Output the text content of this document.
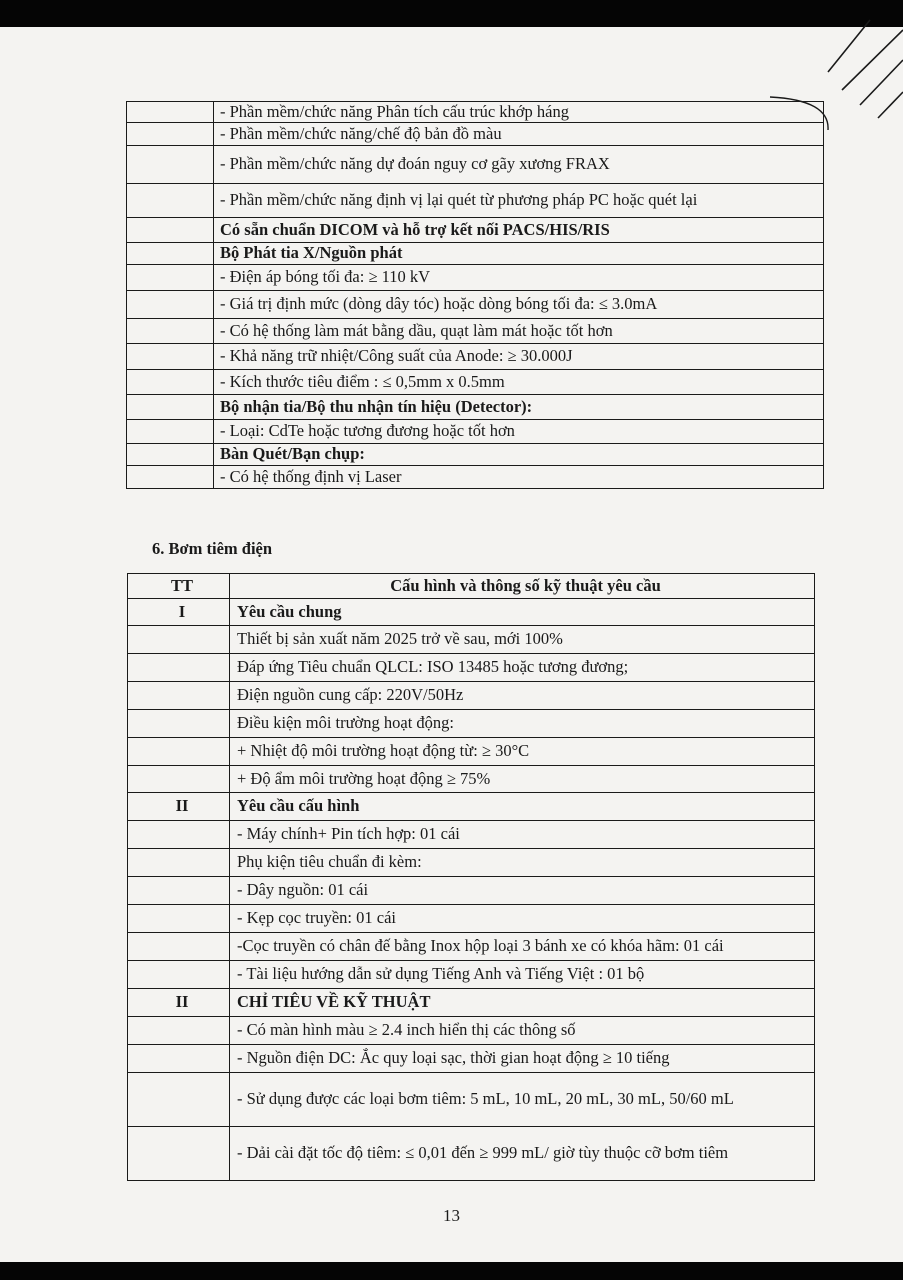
	- Phần mềm/chức năng Phân tích cấu trúc khớp háng
	- Phần mềm/chức năng/chế độ bản đồ màu
	- Phần mềm/chức năng dự đoán nguy cơ gãy xương FRAX
	- Phần mềm/chức năng định vị lại quét từ phương pháp PC hoặc quét lại
	Có sẵn chuẩn DICOM và hỗ trợ kết nối PACS/HIS/RIS
	Bộ Phát tia X/Nguồn phát
	- Điện áp bóng tối đa: ≥ 110 kV
	- Giá trị định mức (dòng dây tóc) hoặc dòng bóng tối đa: ≤ 3.0mA
	- Có hệ thống làm mát bằng dầu, quạt làm mát hoặc tốt hơn
	- Khả năng trữ nhiệt/Công suất của Anode: ≥ 30.000J
	- Kích thước tiêu điểm : ≤ 0,5mm x 0.5mm
	Bộ nhận tia/Bộ thu nhận tín hiệu (Detector):
	- Loại: CdTe hoặc tương đương hoặc tốt hơn
	Bàn Quét/Bạn chụp:
	- Có hệ thống định vị Laser
6. Bơm tiêm điện
TT	Cấu hình và thông số kỹ thuật yêu cầu
I	Yêu cầu chung
	Thiết bị sản xuất năm 2025 trở về sau, mới 100%
	Đáp ứng Tiêu chuẩn QLCL: ISO 13485 hoặc tương đương;
	Điện nguồn cung cấp: 220V/50Hz
	Điều kiện môi trường hoạt động:
	+ Nhiệt độ môi trường hoạt động từ: ≥ 30°C
	+ Độ ẩm môi trường hoạt động ≥ 75%
II	Yêu cầu cấu hình
	- Máy chính+ Pin tích hợp: 01 cái
	Phụ kiện tiêu chuẩn đi kèm:
	- Dây nguồn: 01 cái
	- Kẹp cọc truyền: 01 cái
	-Cọc truyền có chân đế bằng Inox hộp loại 3 bánh xe có khóa hãm: 01 cái
	- Tài liệu hướng dẫn sử dụng Tiếng Anh và Tiếng Việt : 01 bộ
II	CHỈ TIÊU VỀ KỸ THUẬT
	- Có màn hình màu ≥ 2.4 inch hiển thị các thông số
	- Nguồn điện DC: Ắc quy loại sạc, thời gian hoạt động ≥ 10 tiếng
	- Sử dụng được các loại bơm tiêm: 5 mL, 10 mL, 20 mL, 30 mL, 50/60 mL
	- Dải cài đặt tốc độ tiêm: ≤ 0,01 đến ≥ 999 mL/ giờ tùy thuộc cỡ bơm tiêm
13
